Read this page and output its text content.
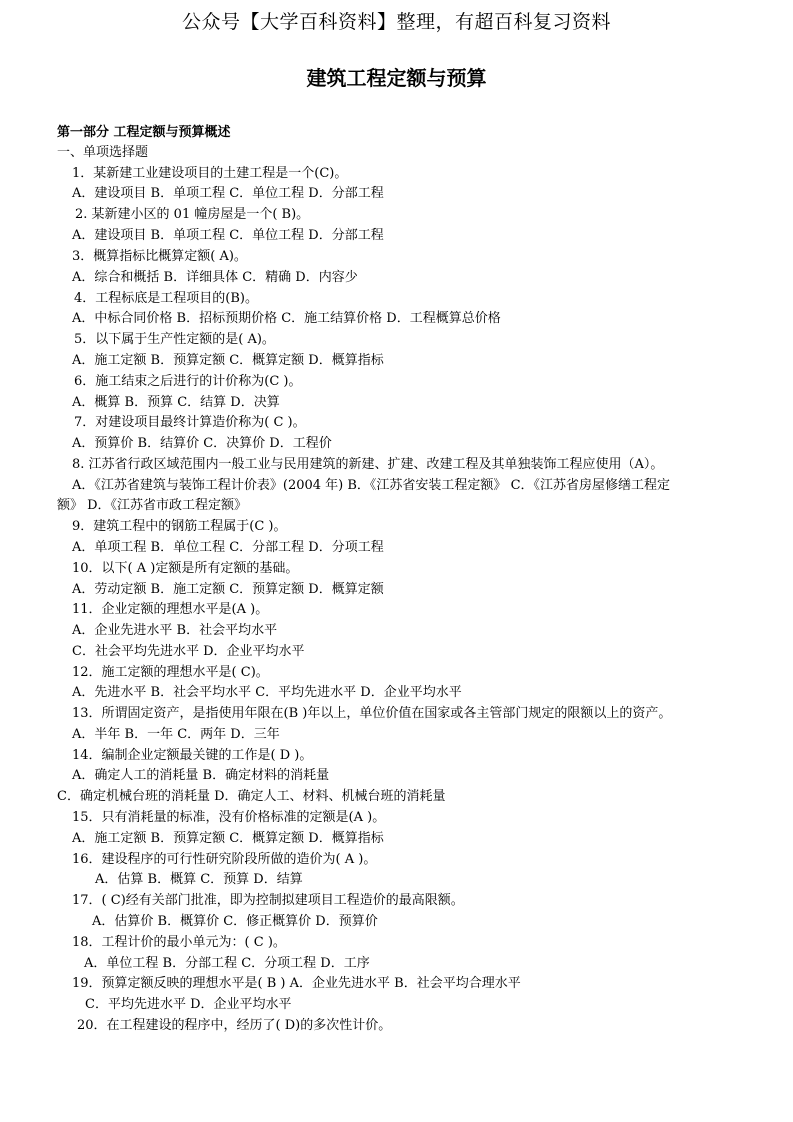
公众号【大学百科资料】整理，有超百科复习资料
建筑工程定额与预算
第一部分 工程定额与预算概述
一、单项选择题
1．某新建工业建设项目的土建工程是一个(C)。
A．建设项目 B．单项工程 C．单位工程 D．分部工程
2. 某新建小区的 01 幢房屋是一个( B)。
A．建设项目 B．单项工程 C．单位工程 D．分部工程
3．概算指标比概算定额( A)。
A．综合和概括 B．详细具体 C．精确 D．内容少
4．工程标底是工程项目的(B)。
A．中标合同价格 B．招标预期价格 C．施工结算价格 D．工程概算总价格
5．以下属于生产性定额的是( A)。
A．施工定额 B．预算定额 C．概算定额 D．概算指标
6．施工结束之后进行的计价称为(C )。
A．概算 B．预算 C．结算 D．决算
7．对建设项目最终计算造价称为( C )。
A．预算价 B．结算价 C．决算价 D．工程价
8. 江苏省行政区域范围内一般工业与民用建筑的新建、扩建、改建工程及其单独装饰工程应使用（A）。
A．《江苏省建筑与装饰工程计价表》(2004 年) B．《江苏省安装工程定额》 C．《江苏省房屋修缮工程定
额》 D．《江苏省市政工程定额》
9．建筑工程中的钢筋工程属于(C )。
A．单项工程 B．单位工程 C．分部工程 D．分项工程
10．以下( A )定额是所有定额的基础。
A．劳动定额 B．施工定额 C．预算定额 D．概算定额
11．企业定额的理想水平是(A )。
A．企业先进水平 B．社会平均水平
C．社会平均先进水平 D．企业平均水平
12．施工定额的理想水平是( C)。
A．先进水平 B．社会平均水平 C．平均先进水平 D．企业平均水平
13．所谓固定资产，是指使用年限在(B )年以上，单位价值在国家或各主管部门规定的限额以上的资产。
A．半年 B．一年 C．两年 D．三年
14．编制企业定额最关键的工作是( D )。
A．确定人工的消耗量 B．确定材料的消耗量
C．确定机械台班的消耗量 D．确定人工、材料、机械台班的消耗量
15．只有消耗量的标准，没有价格标准的定额是(A )。
A．施工定额 B．预算定额 C．概算定额 D．概算指标
16．建设程序的可行性研究阶段所做的造价为( A )。
A．估算 B．概算 C．预算 D．结算
17．( C)经有关部门批准，即为控制拟建项目工程造价的最高限额。
A．估算价 B．概算价 C．修正概算价 D．预算价
18．工程计价的最小单元为：( C )。
A．单位工程 B．分部工程 C．分项工程 D．工序
19．预算定额反映的理想水平是( B ) A．企业先进水平 B．社会平均合理水平
C．平均先进水平 D．企业平均水平
20．在工程建设的程序中，经历了( D)的多次性计价。
